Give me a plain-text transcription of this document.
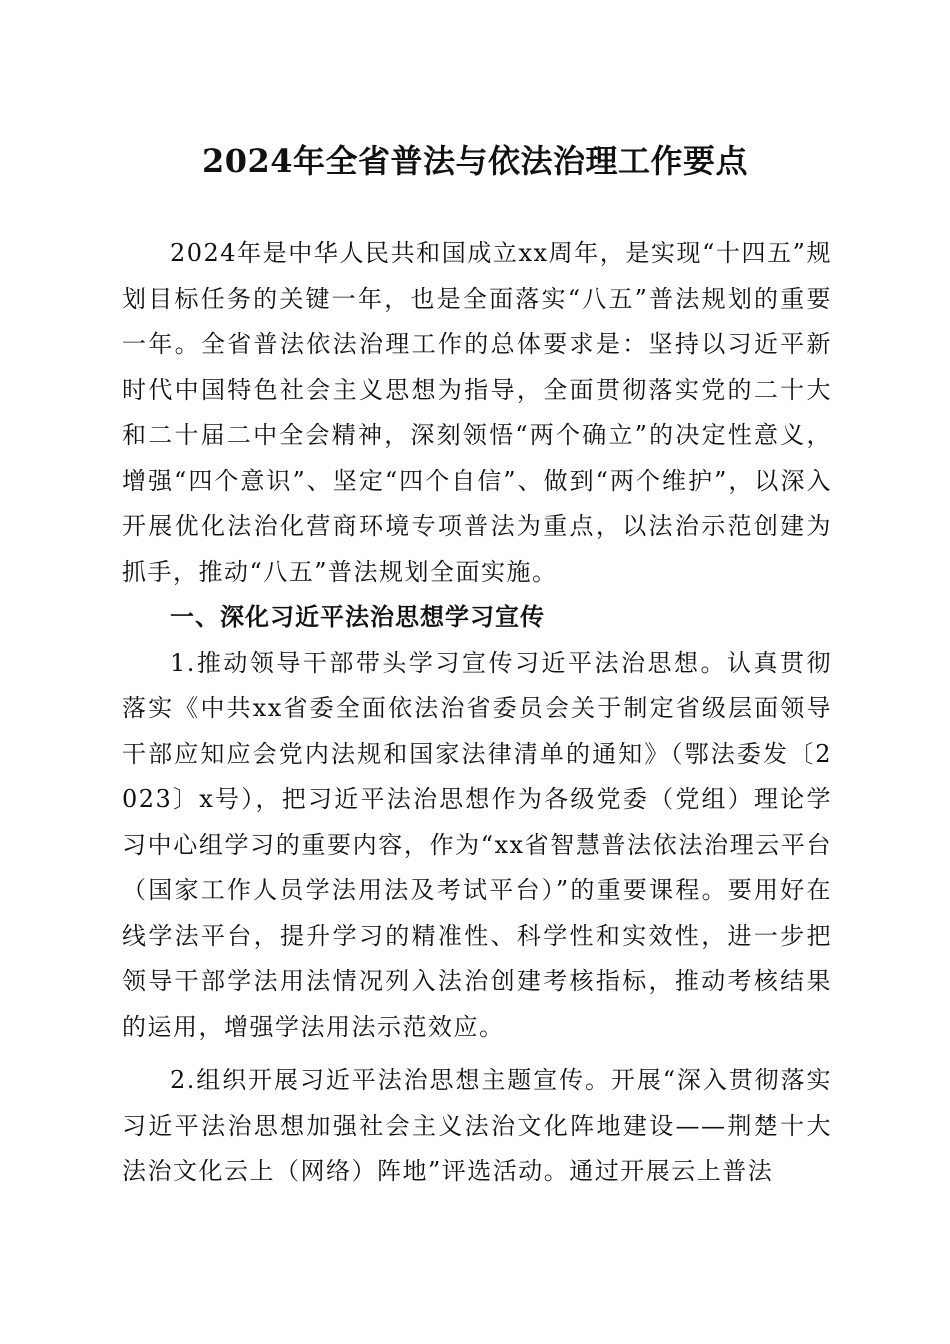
2024年全省普法与依法治理工作要点

2024年是中华人民共和国成立xx周年，是实现“十四五”规划目标任务的关键一年，也是全面落实“八五”普法规划的重要一年。全省普法依法治理工作的总体要求是：坚持以习近平新时代中国特色社会主义思想为指导，全面贯彻落实党的二十大和二十届二中全会精神，深刻领悟“两个确立”的决定性意义，增强“四个意识”、坚定“四个自信”、做到“两个维护”，以深入开展优化法治化营商环境专项普法为重点，以法治示范创建为抓手，推动“八五”普法规划全面实施。

一、深化习近平法治思想学习宣传

1.推动领导干部带头学习宣传习近平法治思想。认真贯彻落实《中共xx省委全面依法治省委员会关于制定省级层面领导干部应知应会党内法规和国家法律清单的通知》（鄂法委发〔2023〕x号），把习近平法治思想作为各级党委（党组）理论学习中心组学习的重要内容，作为“xx省智慧普法依法治理云平台（国家工作人员学法用法及考试平台）”的重要课程。要用好在线学法平台，提升学习的精准性、科学性和实效性，进一步把领导干部学法用法情况列入法治创建考核指标，推动考核结果的运用，增强学法用法示范效应。

2.组织开展习近平法治思想主题宣传。开展“深入贯彻落实习近平法治思想加强社会主义法治文化阵地建设——荆楚十大法治文化云上（网络）阵地”评选活动。通过开展云上普法
